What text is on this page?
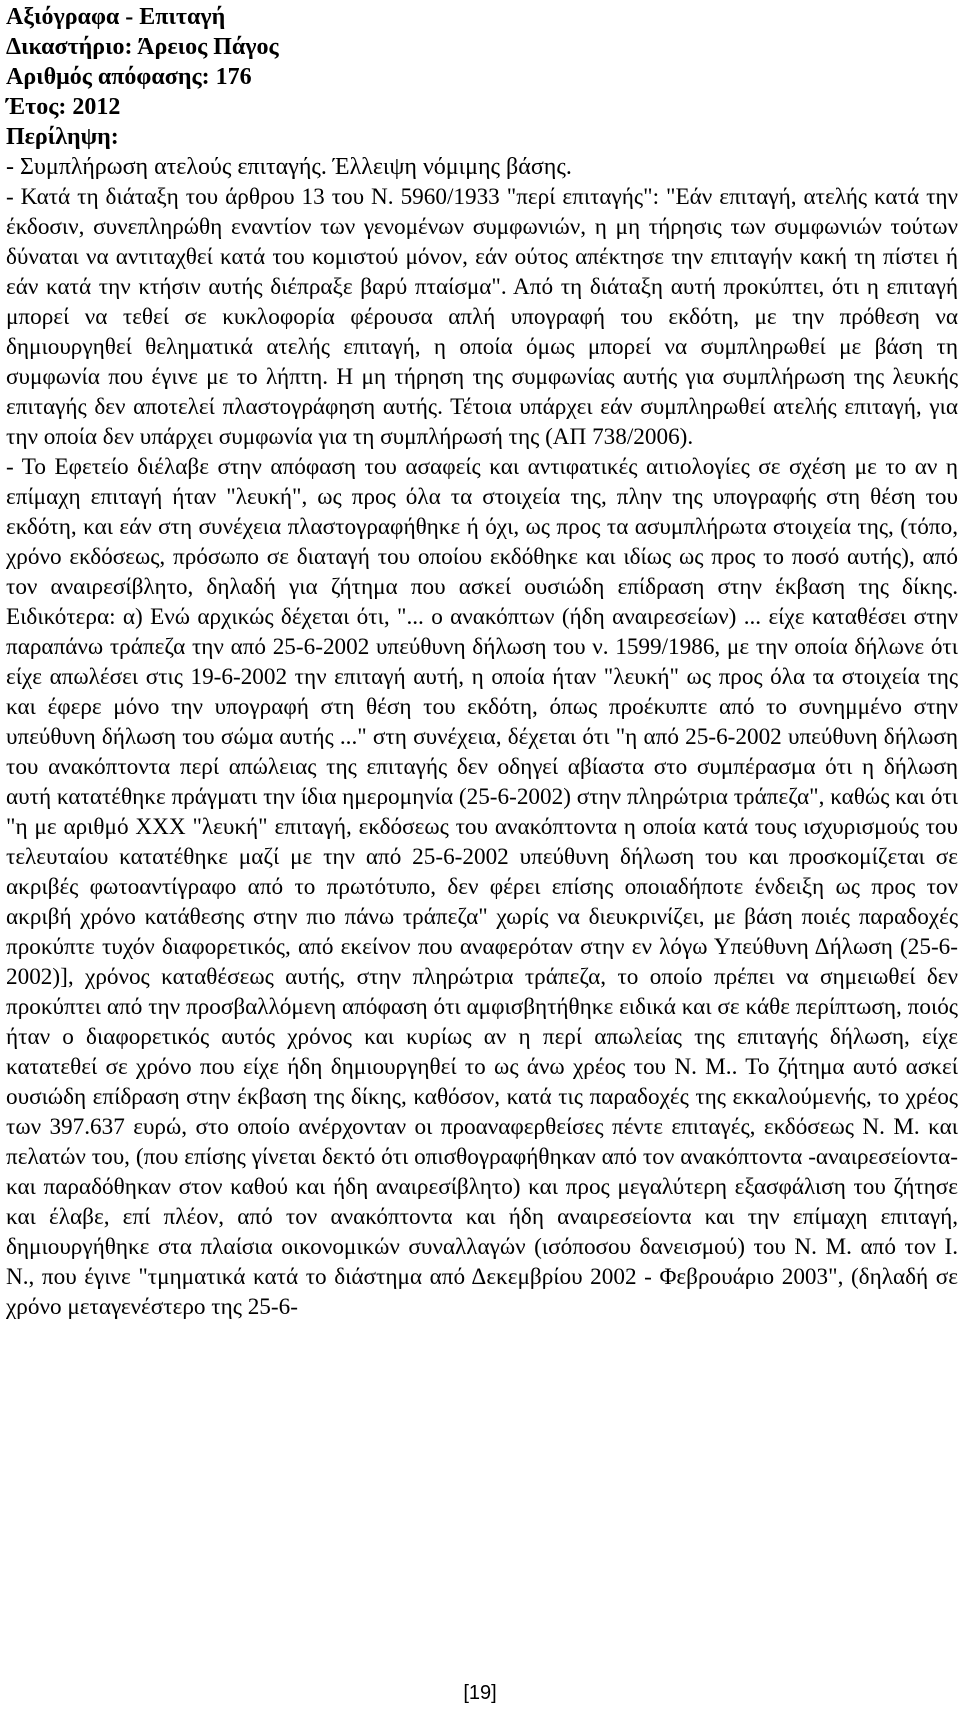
Αξιόγραφα - Επιταγή
Δικαστήριο: Άρειος Πάγος
Αριθμός απόφασης: 176
Έτος: 2012
Περίληψη:
- Συμπλήρωση ατελούς επιταγής. Έλλειψη νόμιμης βάσης.

- Κατά τη διάταξη του άρθρου 13 του Ν. 5960/1933 "περί επιταγής": "Εάν επιταγή, ατελής κατά την έκδοσιν, συνεπληρώθη εναντίον των γενομένων συμφωνιών, η μη τήρησις των συμφωνιών τούτων δύναται να αντιταχθεί κατά του κομιστού μόνον, εάν ούτος απέκτησε την επιταγήν κακή τη πίστει ή εάν κατά την κτήσιν αυτής διέπραξε βαρύ πταίσμα". Από τη διάταξη αυτή προκύπτει, ότι η επιταγή μπορεί να τεθεί σε κυκλοφορία φέρουσα απλή υπογραφή του εκδότη, με την πρόθεση να δημιουργηθεί θεληματικά ατελής επιταγή, η οποία όμως μπορεί να συμπληρωθεί με βάση τη συμφωνία που έγινε με το λήπτη. Η μη τήρηση της συμφωνίας αυτής για συμπλήρωση της λευκής επιταγής δεν αποτελεί πλαστογράφηση αυτής. Τέτοια υπάρχει εάν συμπληρωθεί ατελής επιταγή, για την οποία δεν υπάρχει συμφωνία για τη συμπλήρωσή της (ΑΠ 738/2006).

- Το Εφετείο διέλαβε στην απόφαση του ασαφείς και αντιφατικές αιτιολογίες σε σχέση με το αν η επίμαχη επιταγή ήταν "λευκή", ως προς όλα τα στοιχεία της, πλην της υπογραφής στη θέση του εκδότη, και εάν στη συνέχεια πλαστογραφήθηκε ή όχι, ως προς τα ασυμπλήρωτα στοιχεία της, (τόπο, χρόνο εκδόσεως, πρόσωπο σε διαταγή του οποίου εκδόθηκε και ιδίως ως προς το ποσό αυτής), από τον αναιρεσίβλητο, δηλαδή για ζήτημα που ασκεί ουσιώδη επίδραση στην έκβαση της δίκης. Ειδικότερα: α) Ενώ αρχικώς δέχεται ότι, "... ο ανακόπτων (ήδη αναιρεσείων) ... είχε καταθέσει στην παραπάνω τράπεζα την από 25-6-2002 υπεύθυνη δήλωση του ν. 1599/1986, με την οποία δήλωνε ότι είχε απωλέσει στις 19-6-2002 την επιταγή αυτή, η οποία ήταν "λευκή" ως προς όλα τα στοιχεία της και έφερε μόνο την υπογραφή στη θέση του εκδότη, όπως προέκυπτε από το συνημμένο στην υπεύθυνη δήλωση του σώμα αυτής ..." στη συνέχεια, δέχεται ότι "η από 25-6-2002 υπεύθυνη δήλωση του ανακόπτοντα περί απώλειας της επιταγής δεν οδηγεί αβίαστα στο συμπέρασμα ότι η δήλωση αυτή κατατέθηκε πράγματι την ίδια ημερομηνία (25-6-2002) στην πληρώτρια τράπεζα", καθώς και ότι "η με αριθμό ΧΧΧ "λευκή" επιταγή, εκδόσεως του ανακόπτοντα η οποία κατά τους ισχυρισμούς του τελευταίου κατατέθηκε μαζί με την από 25-6-2002 υπεύθυνη δήλωση του και προσκομίζεται σε ακριβές φωτοαντίγραφο από το πρωτότυπο, δεν φέρει επίσης οποιαδήποτε ένδειξη ως προς τον ακριβή χρόνο κατάθεσης στην πιο πάνω τράπεζα" χωρίς να διευκρινίζει, με βάση ποιές παραδοχές προκύπτε τυχόν διαφορετικός, από εκείνον που αναφερόταν στην εν λόγω Υπεύθυνη Δήλωση (25-6-2002)], χρόνος καταθέσεως αυτής, στην πληρώτρια τράπεζα, το οποίο πρέπει να σημειωθεί δεν προκύπτει από την προσβαλλόμενη απόφαση ότι αμφισβητήθηκε ειδικά και σε κάθε περίπτωση, ποιός ήταν ο διαφορετικός αυτός χρόνος και κυρίως αν η περί απωλείας της επιταγής δήλωση, είχε κατατεθεί σε χρόνο που είχε ήδη δημιουργηθεί το ως άνω χρέος του Ν. Μ.. Το ζήτημα αυτό ασκεί ουσιώδη επίδραση στην έκβαση της δίκης, καθόσον, κατά τις παραδοχές της εκκαλούμενής, το χρέος των 397.637 ευρώ, στο οποίο ανέρχονταν οι προαναφερθείσες πέντε επιταγές, εκδόσεως Ν. Μ. και πελατών του, (που επίσης γίνεται δεκτό ότι οπισθογραφήθηκαν από τον ανακόπτοντα -αναιρεσείοντα- και παραδόθηκαν στον καθού και ήδη αναιρεσίβλητο) και προς μεγαλύτερη εξασφάλιση του ζήτησε και έλαβε, επί πλέον, από τον ανακόπτοντα και ήδη αναιρεσείοντα και την επίμαχη επιταγή, δημιουργήθηκε στα πλαίσια οικονομικών συναλλαγών (ισόποσου δανεισμού) του Ν. Μ. από τον Ι. Ν., που έγινε "τμηματικά κατά το διάστημα από Δεκεμβρίου 2002 - Φεβρουάριο 2003", (δηλαδή σε χρόνο μεταγενέστερο της 25-6-

[19]
